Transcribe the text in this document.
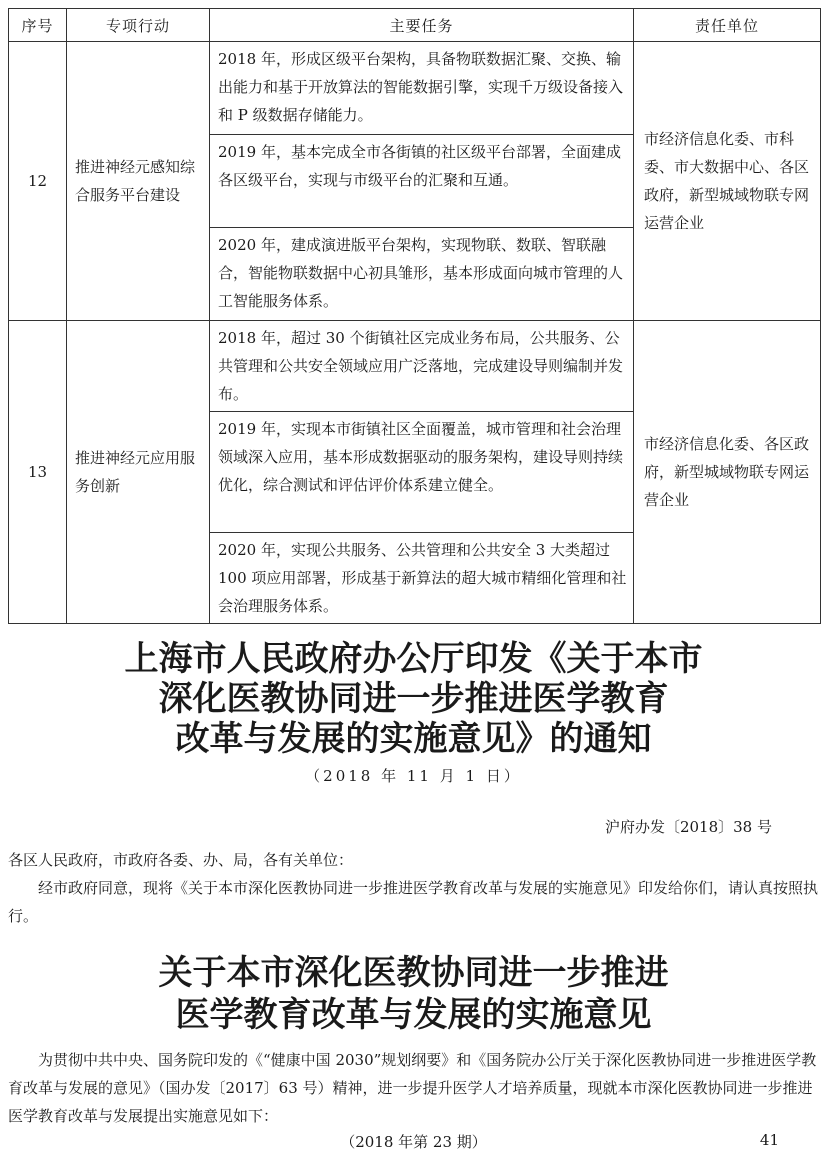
序号	专项行动	主要任务	责任单位
12	推进神经元感知综合服务平台建设	2018 年，形成区级平台架构，具备物联数据汇聚、交换、输出能力和基于开放算法的智能数据引擎，实现千万级设备接入和 P 级数据存储能力。	市经济信息化委、市科委、市大数据中心、各区政府，新型城域物联专网运营企业
		2019 年，基本完成全市各街镇的社区级平台部署，全面建成各区级平台，实现与市级平台的汇聚和互通。	
		2020 年，建成演进版平台架构，实现物联、数联、智联融合，智能物联数据中心初具雏形，基本形成面向城市管理的人工智能服务体系。	
13	推进神经元应用服务创新	2018 年，超过 30 个街镇社区完成业务布局，公共服务、公共管理和公共安全领域应用广泛落地，完成建设导则编制并发布。	市经济信息化委、各区政府，新型城域物联专网运营企业
		2019 年，实现本市街镇社区全面覆盖，城市管理和社会治理领域深入应用，基本形成数据驱动的服务架构，建设导则持续优化，综合测试和评估评价体系建立健全。	
		2020 年，实现公共服务、公共管理和公共安全 3 大类超过 100 项应用部署，形成基于新算法的超大城市精细化管理和社会治理服务体系。	
上海市人民政府办公厅印发《关于本市
深化医教协同进一步推进医学教育
改革与发展的实施意见》的通知
（2018 年 11 月 1 日）
沪府办发〔2018〕38 号

各区人民政府，市政府各委、办、局，各有关单位：

经市政府同意，现将《关于本市深化医教协同进一步推进医学教育改革与发展的实施意见》印发给你们，请认真按照执行。

关于本市深化医教协同进一步推进
医学教育改革与发展的实施意见

为贯彻中共中央、国务院印发的《“健康中国 2030”规划纲要》和《国务院办公厅关于深化医教协同进一步推进医学教育改革与发展的意见》（国办发〔2017〕63 号）精神，进一步提升医学人才培养质量，现就本市深化医教协同进一步推进医学教育改革与发展提出实施意见如下：

（2018 年第 23 期）	41
